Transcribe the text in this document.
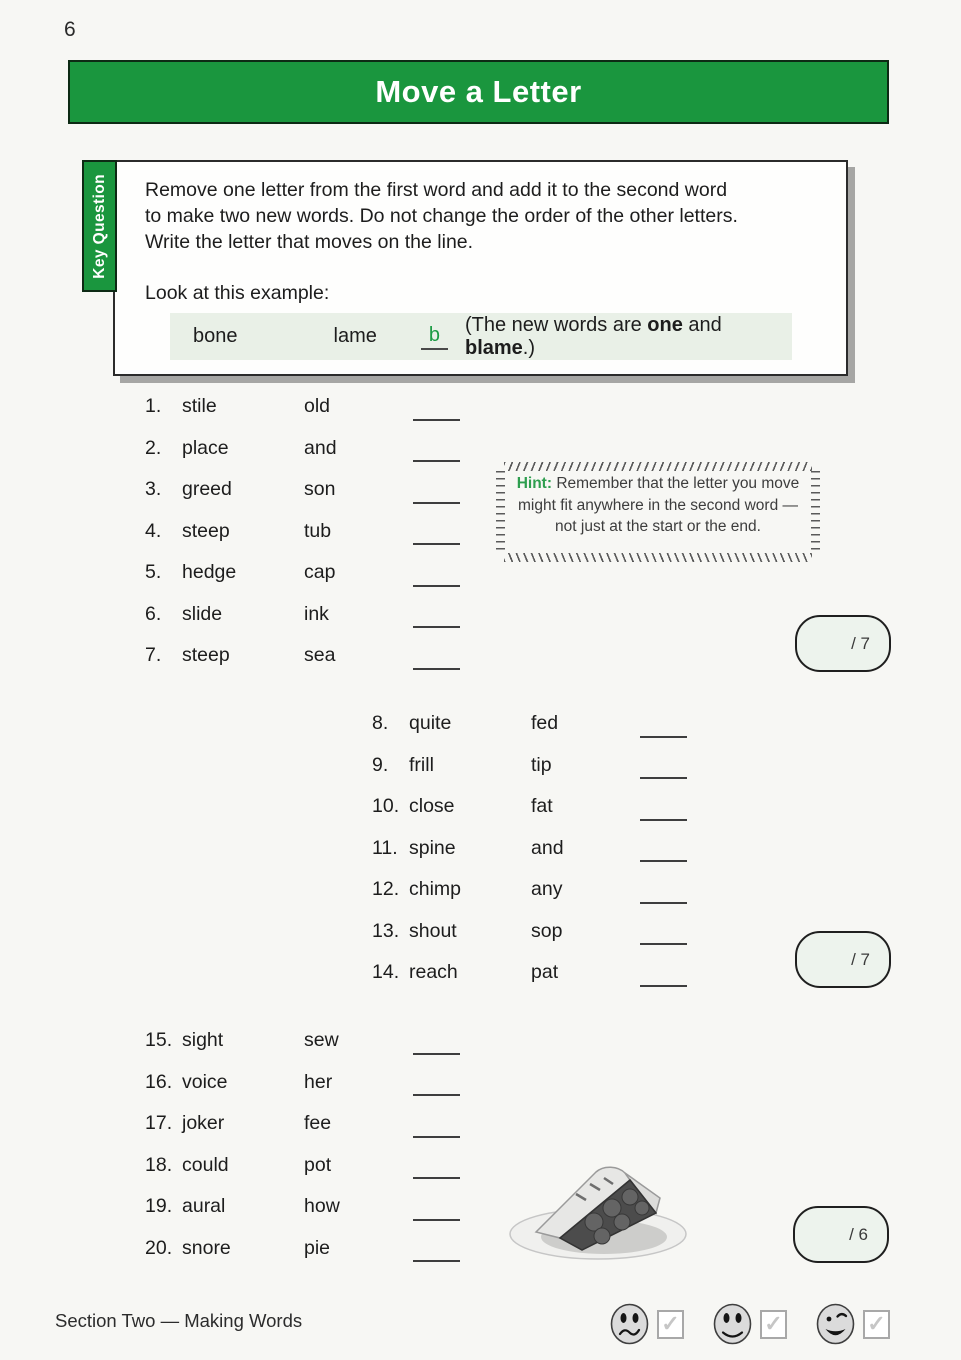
6
Move a Letter
Key Question Remove one letter from the first word and add it to the second word
to make two new words. Do not change the order of the other letters.
Write the letter that moves on the line.
Look at this example:
bone	lame	b	(The new words are one and blame.)
1.	stile	old
2.	place	and
3.	greed	son
4.	steep	tub
5.	hedge	cap
6.	slide	ink
7.	steep	sea
Hint: Remember that the letter you move might fit anywhere in the second word — not just at the start or the end.
/ 7
8.	quite	fed
9.	frill	tip
10. close	fat
11. spine	and
12. chimp	any
13. shout	sop
14. reach	pat
/ 7
15. sight	sew
16. voice	her
17. joker	fee
18. could	pot
19. aural	how
20. snore	pie
/ 6
Section Two — Making Words	✓	✓	✓
